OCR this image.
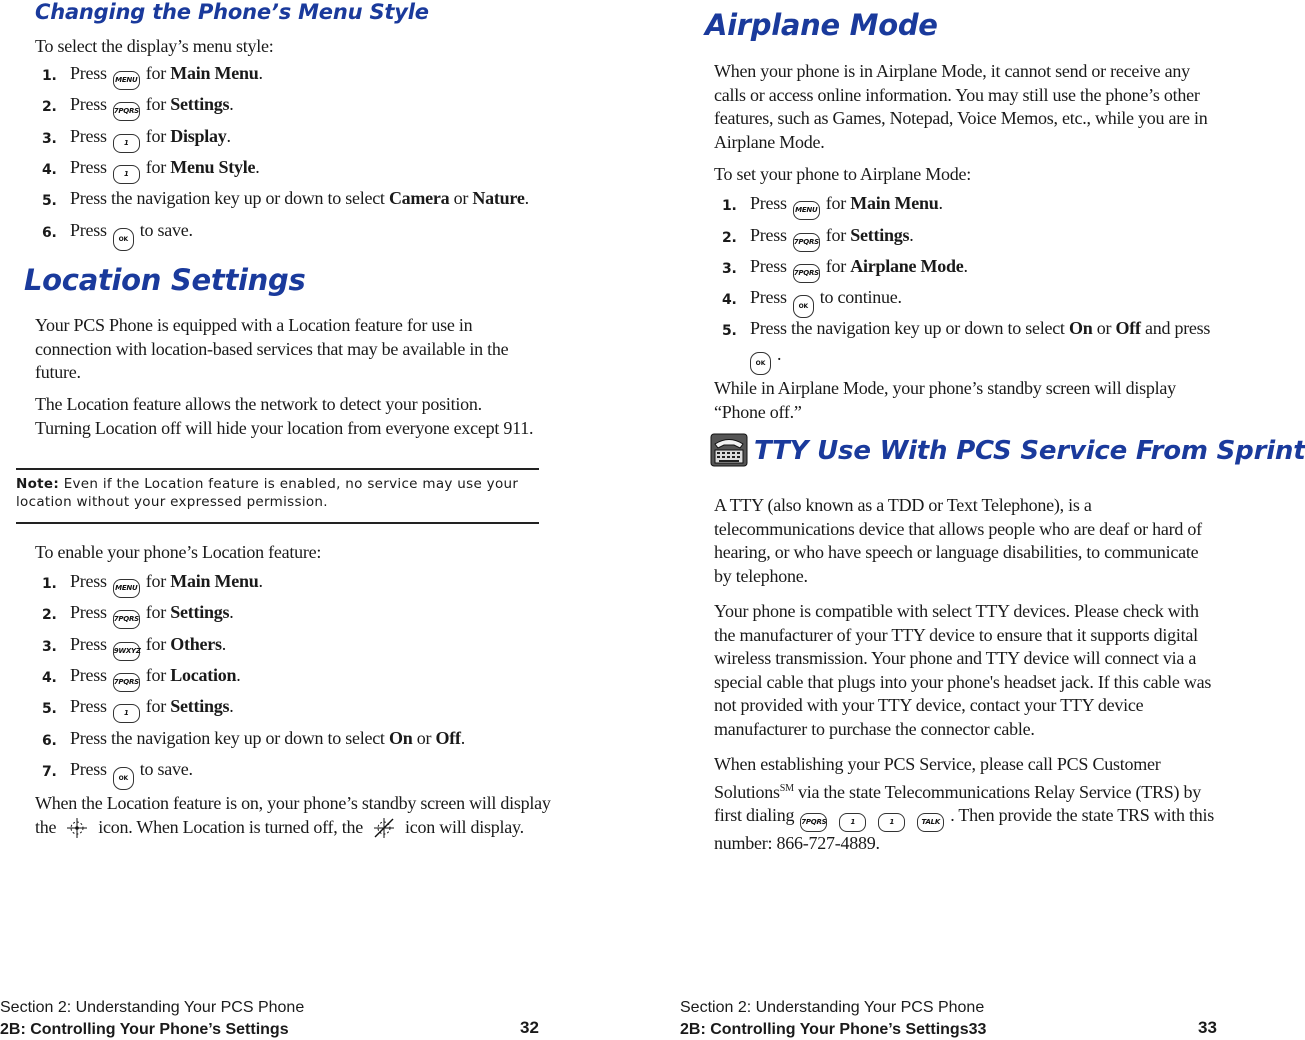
Changing the Phone’s Menu Style
To select the display’s menu style:
1. Press MENU for Main Menu.
2. Press 7PQRS for Settings.
3. Press 1 for Display.
4. Press 1 for Menu Style.
5. Press the navigation key up or down to select Camera or Nature.
6. Press OK to save.
Location Settings
Your PCS Phone is equipped with a Location feature for use in connection with location-based services that may be available in the future.
The Location feature allows the network to detect your position. Turning Location off will hide your location from everyone except 911.
Note: Even if the Location feature is enabled, no service may use your location without your expressed permission.
To enable your phone’s Location feature:
1. Press MENU for Main Menu.
2. Press 7PQRS for Settings.
3. Press 9WXYZ for Others.
4. Press 7PQRS for Location.
5. Press 1 for Settings.
6. Press the navigation key up or down to select On or Off.
7. Press OK to save.
When the Location feature is on, your phone’s standby screen will display
the icon. When Location is turned off, the icon will display.
Section 2: Understanding Your PCS Phone
2B: Controlling Your Phone’s Settings	32
Airplane Mode
When your phone is in Airplane Mode, it cannot send or receive any calls or access online information. You may still use the phone’s other features, such as Games, Notepad, Voice Memos, etc., while you are in Airplane Mode.
To set your phone to Airplane Mode:
1. Press MENU for Main Menu.
2. Press 7PQRS for Settings.
3. Press 7PQRS for Airplane Mode.
4. Press OK to continue.
5. Press the navigation key up or down to select On or Off and press
OK .
While in Airplane Mode, your phone’s standby screen will display “Phone off.”
TTY Use With PCS Service From Sprint
A TTY (also known as a TDD or Text Telephone), is a telecommunications device that allows people who are deaf or hard of hearing, or who have speech or language disabilities, to communicate by telephone.
Your phone is compatible with select TTY devices. Please check with the manufacturer of your TTY device to ensure that it supports digital wireless transmission. Your phone and TTY device will connect via a special cable that plugs into your phone's headset jack. If this cable was not provided with your TTY device, contact your TTY device manufacturer to purchase the connector cable.
When establishing your PCS Service, please call PCS Customer Solutions℠ via the state Telecommunications Relay Service (TRS) by first dialing 7PQRS	1	1	TALK . Then provide the state TRS with this number: 866-727-4889.
Section 2: Understanding Your PCS Phone
2B: Controlling Your Phone’s Settings33	33
